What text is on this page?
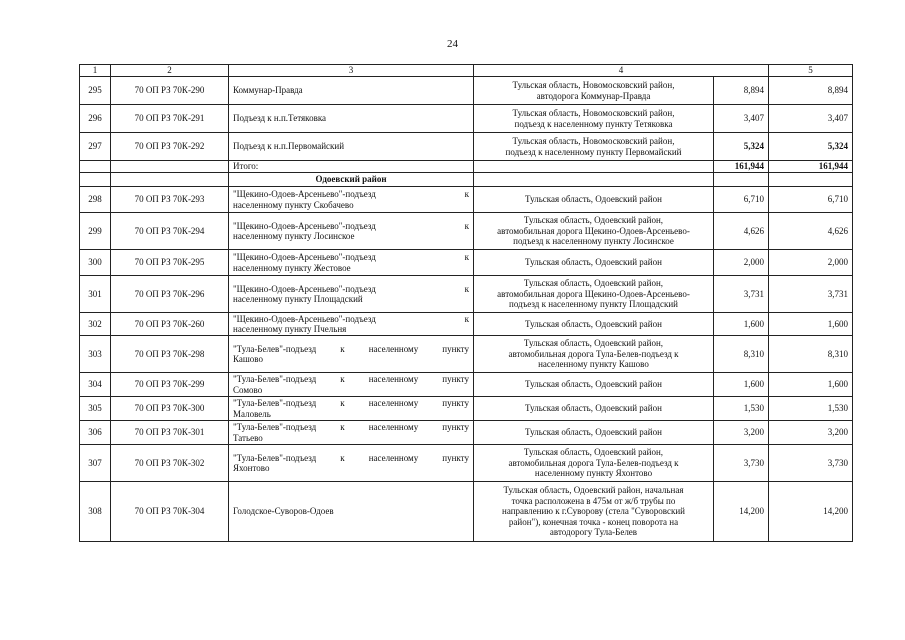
24
1	2	3	4		5
295	70 ОП РЗ 70К-290	Коммунар-Правда	Тульская область, Новомосковский район,
автодорога Коммунар-Правда	8,894	8,894
296	70 ОП РЗ 70К-291	Подъезд к н.п.Тетяковка	Тульская область, Новомосковский район,
подъезд к населенному пункту Тетяковка	3,407	3,407
297	70 ОП РЗ 70К-292	Подъезд к н.п.Первомайский	Тульская область, Новомосковский район,
подъезд к населенному пункту Первомайский	5,324	5,324
		Итого:		161,944	161,944
		Одоевский район			
298	70 ОП РЗ 70К-293	"Щекино-Одоев-Арсеньево"-подъезд к
населенному пункту Скобачево	Тульская область, Одоевский район	6,710	6,710
299	70 ОП РЗ 70К-294	"Щекино-Одоев-Арсеньево"-подъезд к
населенному пункту Лосинское	Тульская область, Одоевский район,
автомобильная дорога Щекино-Одоев-Арсеньево-
подъезд к населенному пункту Лосинское	4,626	4,626
300	70 ОП РЗ 70К-295	"Щекино-Одоев-Арсеньево"-подъезд к
населенному пункту Жестовое	Тульская область, Одоевский район	2,000	2,000
301	70 ОП РЗ 70К-296	"Щекино-Одоев-Арсеньево"-подъезд к
населенному пункту Площадский	Тульская область, Одоевский район,
автомобильная дорога Щекино-Одоев-Арсеньево-
подъезд к населенному пункту Площадский	3,731	3,731
302	70 ОП РЗ 70К-260	"Щекино-Одоев-Арсеньево"-подъезд к
населенному пункту Пчельня	Тульская область, Одоевский район	1,600	1,600
303	70 ОП РЗ 70К-298	"Тула-Белев"-подъезд к населенному пункту
Кашово	Тульская область, Одоевский район,
автомобильная дорога Тула-Белев-подъезд к
населенному пункту Кашово	8,310	8,310
304	70 ОП РЗ 70К-299	"Тула-Белев"-подъезд к населенному пункту
Сомово	Тульская область, Одоевский район	1,600	1,600
305	70 ОП РЗ 70К-300	"Тула-Белев"-подъезд к населенному пункту
Маловель	Тульская область, Одоевский район	1,530	1,530
306	70 ОП РЗ 70К-301	"Тула-Белев"-подъезд к населенному пункту
Татьево	Тульская область, Одоевский район	3,200	3,200
307	70 ОП РЗ 70К-302	"Тула-Белев"-подъезд к населенному пункту
Яхонтово	Тульская область, Одоевский район,
автомобильная дорога Тула-Белев-подъезд к
населенному пункту Яхонтово	3,730	3,730
308	70 ОП РЗ 70К-304	Голодское-Суворов-Одоев	Тульская область, Одоевский район, начальная
точка расположена в 475м от ж/б трубы по
направлению к г.Суворову (стела "Суворовский
район"), конечная точка - конец поворота на
автодорогу Тула-Белев	14,200	14,200
